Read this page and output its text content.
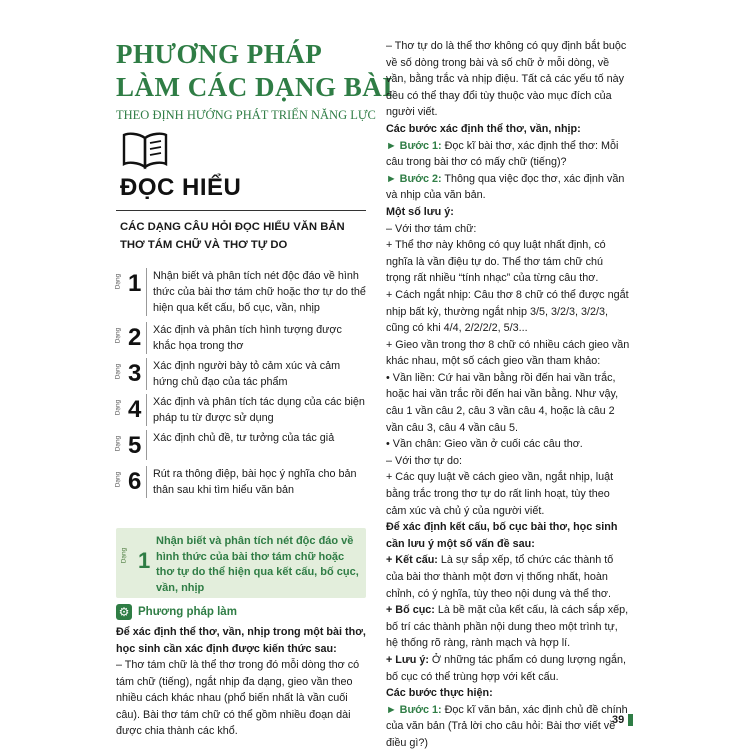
PHƯƠNG PHÁP
LÀM CÁC DẠNG BÀI
THEO ĐỊNH HƯỚNG PHÁT TRIỂN NĂNG LỰC
ĐỌC HIỂU
CÁC DẠNG CÂU HỎI ĐỌC HIỂU VĂN BẢN THƠ TÁM CHỮ VÀ THƠ TỰ DO
Dạng 1	Nhận biết và phân tích nét độc đáo về hình thức của bài thơ tám chữ hoặc thơ tự do thể hiện qua kết cấu, bố cục, vần, nhịp
Dạng 2	Xác định và phân tích hình tượng được khắc họa trong thơ
Dạng 3	Xác định người bày tỏ cảm xúc và cảm hứng chủ đạo của tác phẩm
Dạng 4	Xác định và phân tích tác dụng của các biện pháp tu từ được sử dụng
Dạng 5	Xác định chủ đề, tư tưởng của tác giả
Dạng 6	Rút ra thông điệp, bài học ý nghĩa cho bản thân sau khi tìm hiểu văn bản
Dạng 1
Nhận biết và phân tích nét độc đáo về hình thức của bài thơ tám chữ hoặc thơ tự do thể hiện qua kết cấu, bố cục, vần, nhịp
⚙ Phương pháp làm

Để xác định thể thơ, vần, nhịp trong một bài thơ, học sinh cần xác định được kiến thức sau:

– Thơ tám chữ là thể thơ trong đó mỗi dòng thơ có tám chữ (tiếng), ngắt nhịp đa dạng, gieo vần theo nhiều cách khác nhau (phổ biến nhất là vần cuối câu). Bài thơ tám chữ có thể gồm nhiều đoạn dài được chia thành các khổ.

– Thơ tự do là thể thơ không có quy định bắt buộc về số dòng trong bài và số chữ ở mỗi dòng, về vần, bằng trắc và nhịp điệu. Tất cả các yếu tố này đều có thể thay đổi tùy thuộc vào mục đích của người viết.

Các bước xác định thể thơ, vần, nhịp:

► Bước 1: Đọc kĩ bài thơ, xác định thể thơ: Mỗi câu trong bài thơ có mấy chữ (tiếng)?

► Bước 2: Thông qua việc đọc thơ, xác định vần và nhịp của văn bản.

Một số lưu ý:

– Với thơ tám chữ:

+ Thể thơ này không có quy luật nhất định, có nghĩa là vần điệu tự do. Thể thơ tám chữ chú trọng rất nhiều “tính nhạc” của từng câu thơ.

+ Cách ngắt nhịp: Câu thơ 8 chữ có thể được ngắt nhịp bất kỳ, thường ngắt nhịp 3/5, 3/2/3, 3/2/3, cũng có khi 4/4, 2/2/2/2, 5/3...

+ Gieo vần trong thơ 8 chữ có nhiều cách gieo vần khác nhau, một số cách gieo vần tham khảo:

• Vần liền: Cứ hai vần bằng rồi đến hai vần trắc, hoặc hai vần trắc rồi đến hai vần bằng. Như vậy, câu 1 vần câu 2, câu 3 vần câu 4, hoặc là câu 2 vần câu 3, câu 4 vần câu 5.

• Vần chân: Gieo vần ở cuối các câu thơ.

– Với thơ tự do:

+ Các quy luật về cách gieo vần, ngắt nhịp, luật bằng trắc trong thơ tự do rất linh hoạt, tùy theo cảm xúc và chủ ý của người viết.

Để xác định kết cấu, bố cục bài thơ, học sinh cần lưu ý một số vấn đề sau:

+ Kết cấu: Là sự sắp xếp, tổ chức các thành tố của bài thơ thành một đơn vị thống nhất, hoàn chỉnh, có ý nghĩa, tùy theo nội dung và thể thơ.

+ Bố cục: Là bề mặt của kết cấu, là cách sắp xếp, bố trí các thành phần nội dung theo một trình tự, hệ thống rõ ràng, rành mạch và hợp lí.

+ Lưu ý: Ở những tác phẩm có dung lượng ngắn, bố cục có thể trùng hợp với kết cấu.

Các bước thực hiện:

► Bước 1: Đọc kĩ văn bản, xác định chủ đề chính của văn bản (Trả lời cho câu hỏi: Bài thơ viết về điều gì?)

39
